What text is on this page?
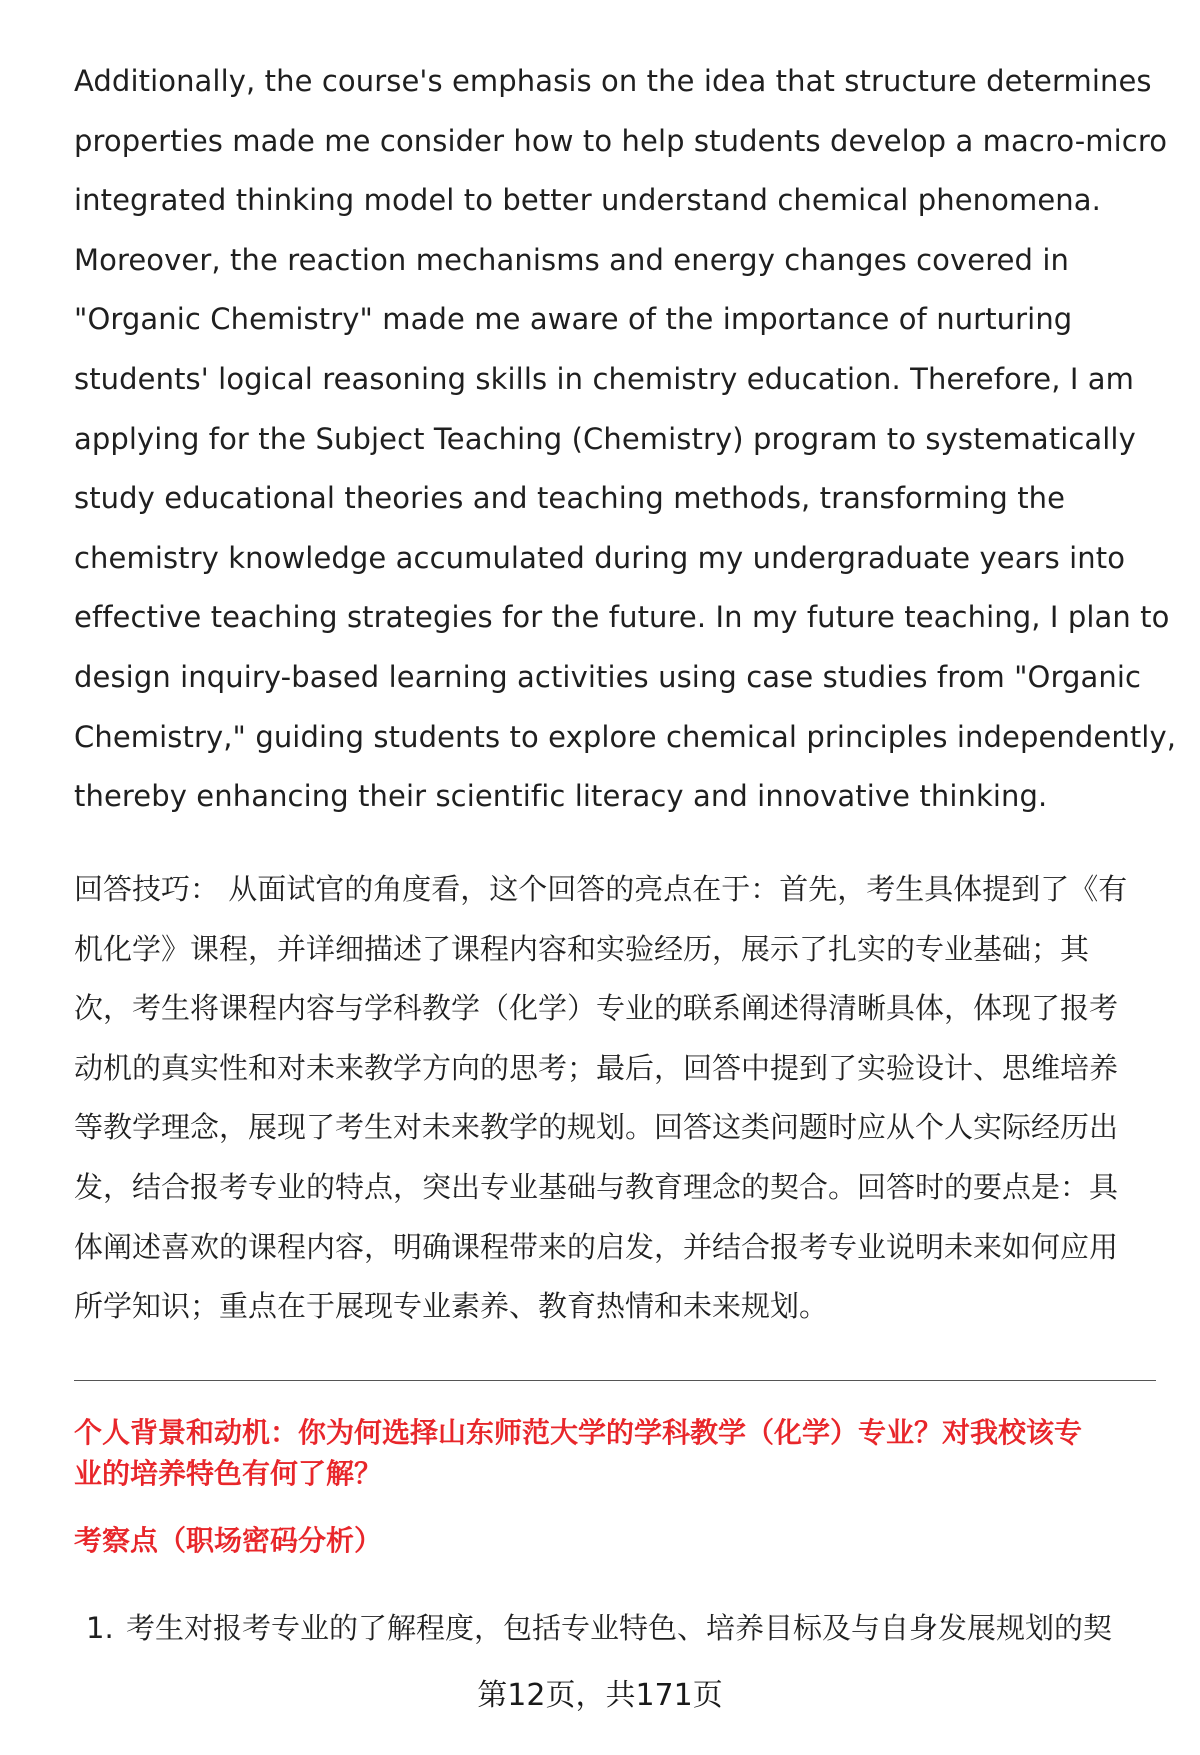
Additionally, the course's emphasis on the idea that structure determines
properties made me consider how to help students develop a macro-micro
integrated thinking model to better understand chemical phenomena.
Moreover, the reaction mechanisms and energy changes covered in
"Organic Chemistry" made me aware of the importance of nurturing
students' logical reasoning skills in chemistry education. Therefore, I am
applying for the Subject Teaching (Chemistry) program to systematically
study educational theories and teaching methods, transforming the
chemistry knowledge accumulated during my undergraduate years into
effective teaching strategies for the future. In my future teaching, I plan to
design inquiry-based learning activities using case studies from "Organic
Chemistry," guiding students to explore chemical principles independently,
thereby enhancing their scientific literacy and innovative thinking.
回答技巧： 从面试官的角度看，这个回答的亮点在于：首先，考生具体提到了《有
机化学》课程，并详细描述了课程内容和实验经历，展示了扎实的专业基础；其
次，考生将课程内容与学科教学（化学）专业的联系阐述得清晰具体，体现了报考
动机的真实性和对未来教学方向的思考；最后，回答中提到了实验设计、思维培养
等教学理念，展现了考生对未来教学的规划。回答这类问题时应从个人实际经历出
发，结合报考专业的特点，突出专业基础与教育理念的契合。回答时的要点是：具
体阐述喜欢的课程内容，明确课程带来的启发，并结合报考专业说明未来如何应用
所学知识；重点在于展现专业素养、教育热情和未来规划。
个人背景和动机：你为何选择山东师范大学的学科教学（化学）专业？对我校该专
业的培养特色有何了解？
考察点（职场密码分析）
1. 考生对报考专业的了解程度，包括专业特色、培养目标及与自身发展规划的契
第12页，共171页
